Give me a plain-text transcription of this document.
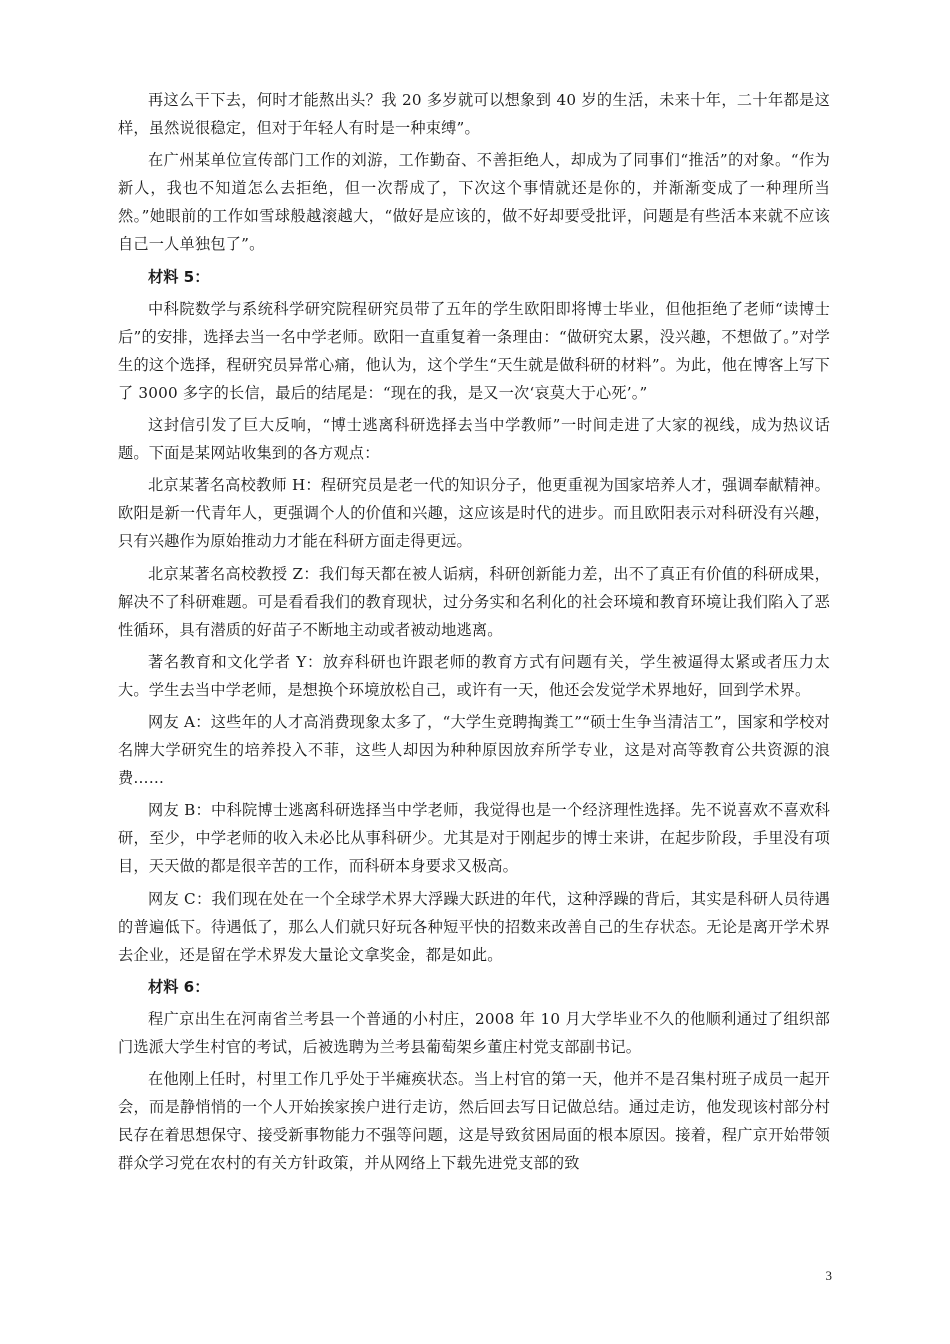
再这么干下去，何时才能熬出头？我 20 多岁就可以想象到 40 岁的生活，未来十年，二十年都是这样，虽然说很稳定，但对于年轻人有时是一种束缚”。

在广州某单位宣传部门工作的刘游，工作勤奋、不善拒绝人，却成为了同事们“推活”的对象。“作为新人，我也不知道怎么去拒绝，但一次帮成了，下次这个事情就还是你的，并渐渐变成了一种理所当然。”她眼前的工作如雪球般越滚越大，“做好是应该的，做不好却要受批评，问题是有些活本来就不应该自己一人单独包了”。

材料 5：

中科院数学与系统科学研究院程研究员带了五年的学生欧阳即将博士毕业，但他拒绝了老师“读博士后”的安排，选择去当一名中学老师。欧阳一直重复着一条理由：“做研究太累，没兴趣，不想做了。”对学生的这个选择，程研究员异常心痛，他认为，这个学生“天生就是做科研的材料”。为此，他在博客上写下了 3000 多字的长信，最后的结尾是：“现在的我，是又一次‘哀莫大于心死’。”

这封信引发了巨大反响，“博士逃离科研选择去当中学教师”一时间走进了大家的视线，成为热议话题。下面是某网站收集到的各方观点：

北京某著名高校教师 H：程研究员是老一代的知识分子，他更重视为国家培养人才，强调奉献精神。欧阳是新一代青年人，更强调个人的价值和兴趣，这应该是时代的进步。而且欧阳表示对科研没有兴趣，只有兴趣作为原始推动力才能在科研方面走得更远。

北京某著名高校教授 Z：我们每天都在被人诟病，科研创新能力差，出不了真正有价值的科研成果，解决不了科研难题。可是看看我们的教育现状，过分务实和名利化的社会环境和教育环境让我们陷入了恶性循环，具有潜质的好苗子不断地主动或者被动地逃离。

著名教育和文化学者 Y：放弃科研也许跟老师的教育方式有问题有关，学生被逼得太紧或者压力太大。学生去当中学老师，是想换个环境放松自己，或许有一天，他还会发觉学术界地好，回到学术界。

网友 A：这些年的人才高消费现象太多了，“大学生竞聘掏粪工”“硕士生争当清洁工”，国家和学校对名牌大学研究生的培养投入不菲，这些人却因为种种原因放弃所学专业，这是对高等教育公共资源的浪费……

网友 B：中科院博士逃离科研选择当中学老师，我觉得也是一个经济理性选择。先不说喜欢不喜欢科研，至少，中学老师的收入未必比从事科研少。尤其是对于刚起步的博士来讲，在起步阶段，手里没有项目，天天做的都是很辛苦的工作，而科研本身要求又极高。

网友 C：我们现在处在一个全球学术界大浮躁大跃进的年代，这种浮躁的背后，其实是科研人员待遇的普遍低下。待遇低了，那么人们就只好玩各种短平快的招数来改善自己的生存状态。无论是离开学术界去企业，还是留在学术界发大量论文拿奖金，都是如此。

材料 6：

程广京出生在河南省兰考县一个普通的小村庄，2008 年 10 月大学毕业不久的他顺利通过了组织部门选派大学生村官的考试，后被选聘为兰考县葡萄架乡董庄村党支部副书记。

在他刚上任时，村里工作几乎处于半瘫痪状态。当上村官的第一天，他并不是召集村班子成员一起开会，而是静悄悄的一个人开始挨家挨户进行走访，然后回去写日记做总结。通过走访，他发现该村部分村民存在着思想保守、接受新事物能力不强等问题，这是导致贫困局面的根本原因。接着，程广京开始带领群众学习党在农村的有关方针政策，并从网络上下载先进党支部的致

3
